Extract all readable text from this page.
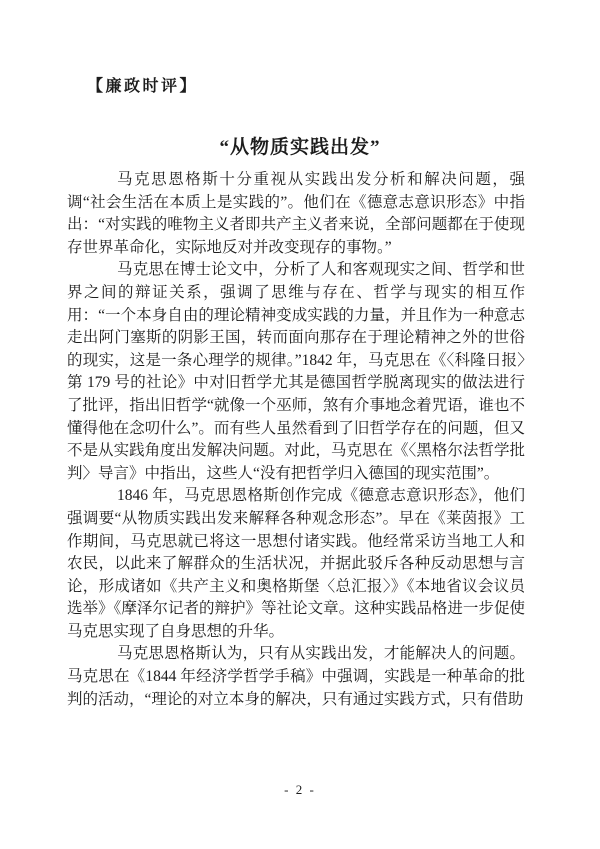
【廉政时评】
“从物质实践出发”

马克思恩格斯十分重视从实践出发分析和解决问题，强调“社会生活在本质上是实践的”。他们在《德意志意识形态》中指出：“对实践的唯物主义者即共产主义者来说，全部问题都在于使现存世界革命化，实际地反对并改变现存的事物。”

马克思在博士论文中，分析了人和客观现实之间、哲学和世界之间的辩证关系，强调了思维与存在、哲学与现实的相互作用：“一个本身自由的理论精神变成实践的力量，并且作为一种意志走出阿门塞斯的阴影王国，转而面向那存在于理论精神之外的世俗的现实，这是一条心理学的规律。”1842 年，马克思在《〈科隆日报〉第 179 号的社论》中对旧哲学尤其是德国哲学脱离现实的做法进行了批评，指出旧哲学“就像一个巫师，煞有介事地念着咒语，谁也不懂得他在念叨什么”。而有些人虽然看到了旧哲学存在的问题，但又不是从实践角度出发解决问题。对此，马克思在《〈黑格尔法哲学批判〉导言》中指出，这些人“没有把哲学归入德国的现实范围”。

1846 年，马克思恩格斯创作完成《德意志意识形态》，他们强调要“从物质实践出发来解释各种观念形态”。早在《莱茵报》工作期间，马克思就已将这一思想付诸实践。他经常采访当地工人和农民，以此来了解群众的生活状况，并据此驳斥各种反动思想与言论，形成诸如《共产主义和奥格斯堡〈总汇报〉》《本地省议会议员选举》《摩泽尔记者的辩护》等社论文章。这种实践品格进一步促使马克思实现了自身思想的升华。

马克思恩格斯认为，只有从实践出发，才能解决人的问题。马克思在《1844 年经济学哲学手稿》中强调，实践是一种革命的批判的活动，“理论的对立本身的解决，只有通过实践方式，只有借助

- 2 -
